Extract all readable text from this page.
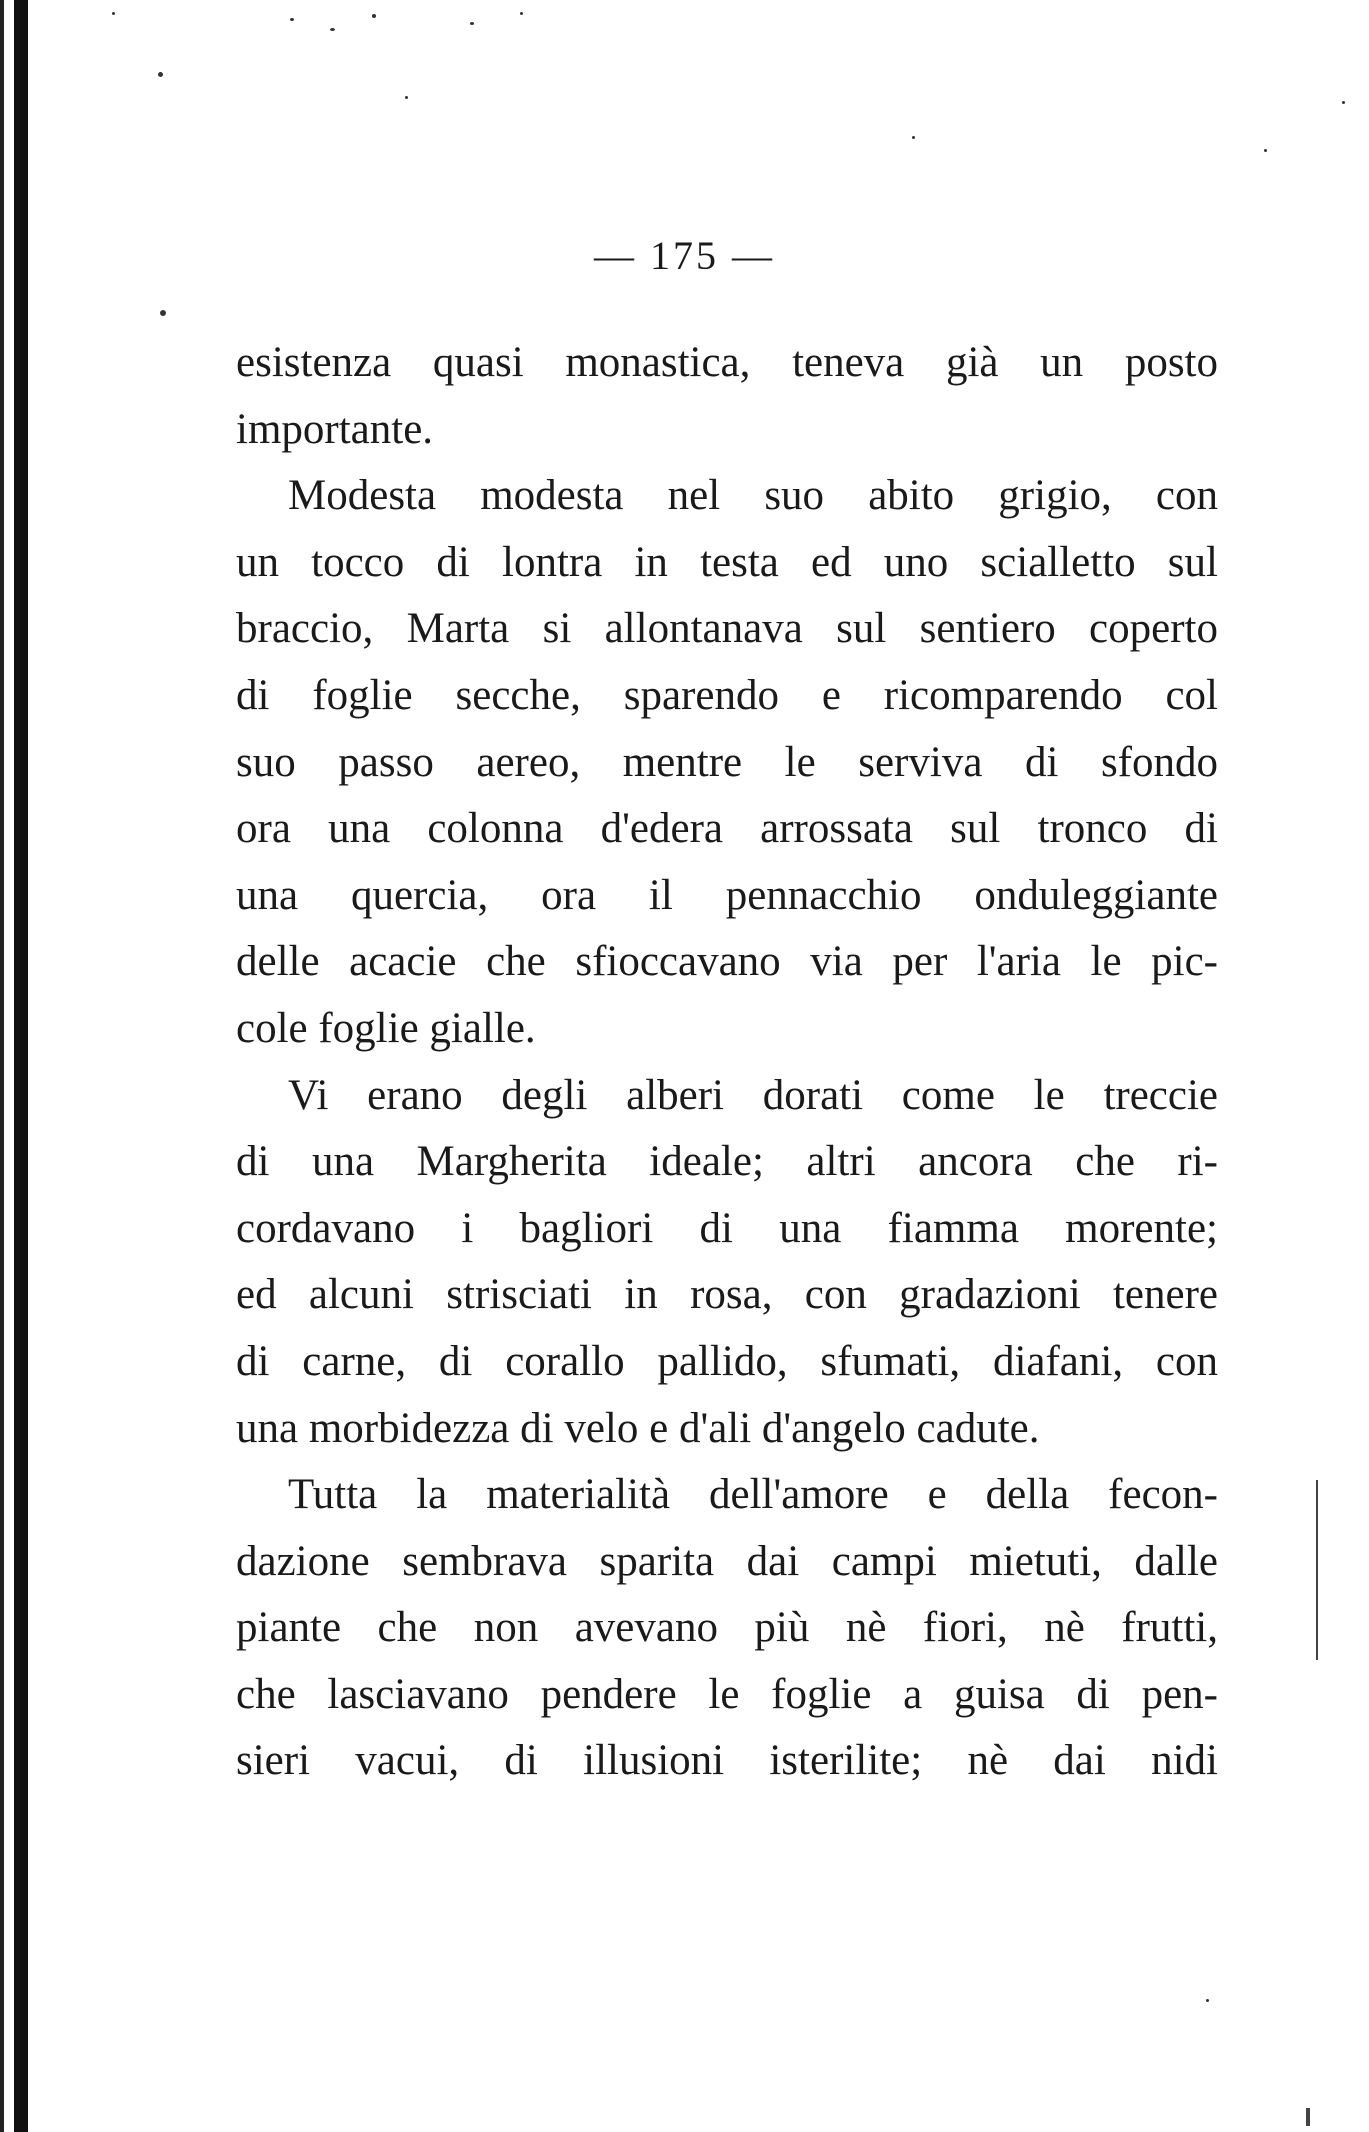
— 175 —
esistenza quasi monastica, teneva già un posto
importante.
Modesta modesta nel suo abito grigio, con
un tocco di lontra in testa ed uno scialletto sul
braccio, Marta si allontanava sul sentiero coperto
di foglie secche, sparendo e ricomparendo col
suo passo aereo, mentre le serviva di sfondo
ora una colonna d'edera arrossata sul tronco di
una quercia, ora il pennacchio onduleggiante
delle acacie che sfioccavano via per l'aria le pic-
cole foglie gialle.
Vi erano degli alberi dorati come le treccie
di una Margherita ideale; altri ancora che ri-
cordavano i bagliori di una fiamma morente;
ed alcuni strisciati in rosa, con gradazioni tenere
di carne, di corallo pallido, sfumati, diafani, con
una morbidezza di velo e d'ali d'angelo cadute.
Tutta la materialità dell'amore e della fecon-
dazione sembrava sparita dai campi mietuti, dalle
piante che non avevano più nè fiori, nè frutti,
che lasciavano pendere le foglie a guisa di pen-
sieri vacui, di illusioni isterilite; nè dai nidi
